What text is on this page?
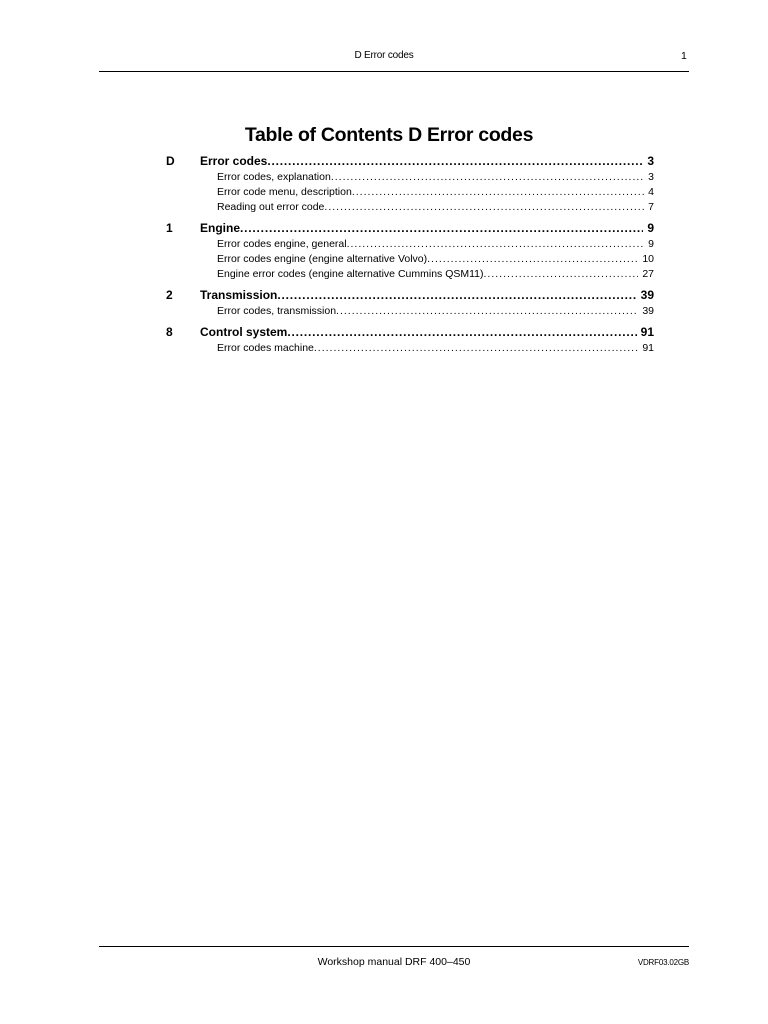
D Error codes	1
Table of Contents D Error codes
D Error codes .....	3
Error codes, explanation .....	3
Error code menu, description .....	4
Reading out error code .....	7
1 Engine .....	9
Error codes engine, general .....	9
Error codes engine (engine alternative Volvo) .....	10
Engine error codes (engine alternative Cummins QSM11) .....	27
2 Transmission .....	39
Error codes, transmission .....	39
8 Control system .....	91
Error codes machine .....	91
Workshop manual DRF 400–450	VDRF03.02GB
